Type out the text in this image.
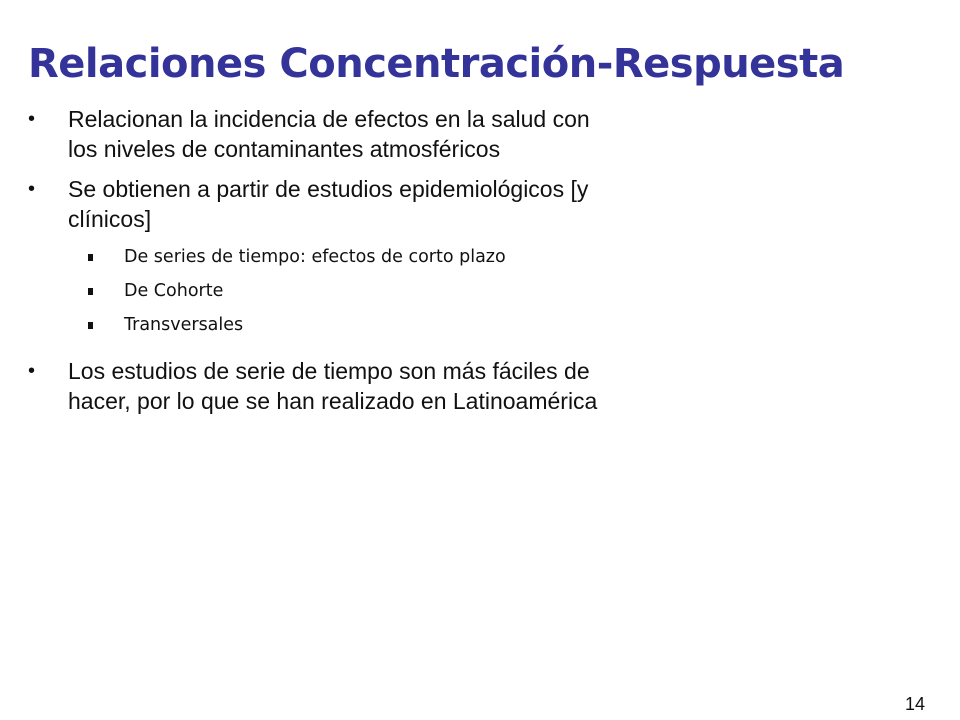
Relaciones Concentración-Respuesta
• Relacionan la incidencia de efectos en la salud con los niveles de contaminantes atmosféricos
• Se obtienen a partir de estudios epidemiológicos [y clínicos]
De series de tiempo: efectos de corto plazo
De Cohorte
Transversales
• Los estudios de serie de tiempo son más fáciles de hacer, por lo que se han realizado en Latinoamérica
14
